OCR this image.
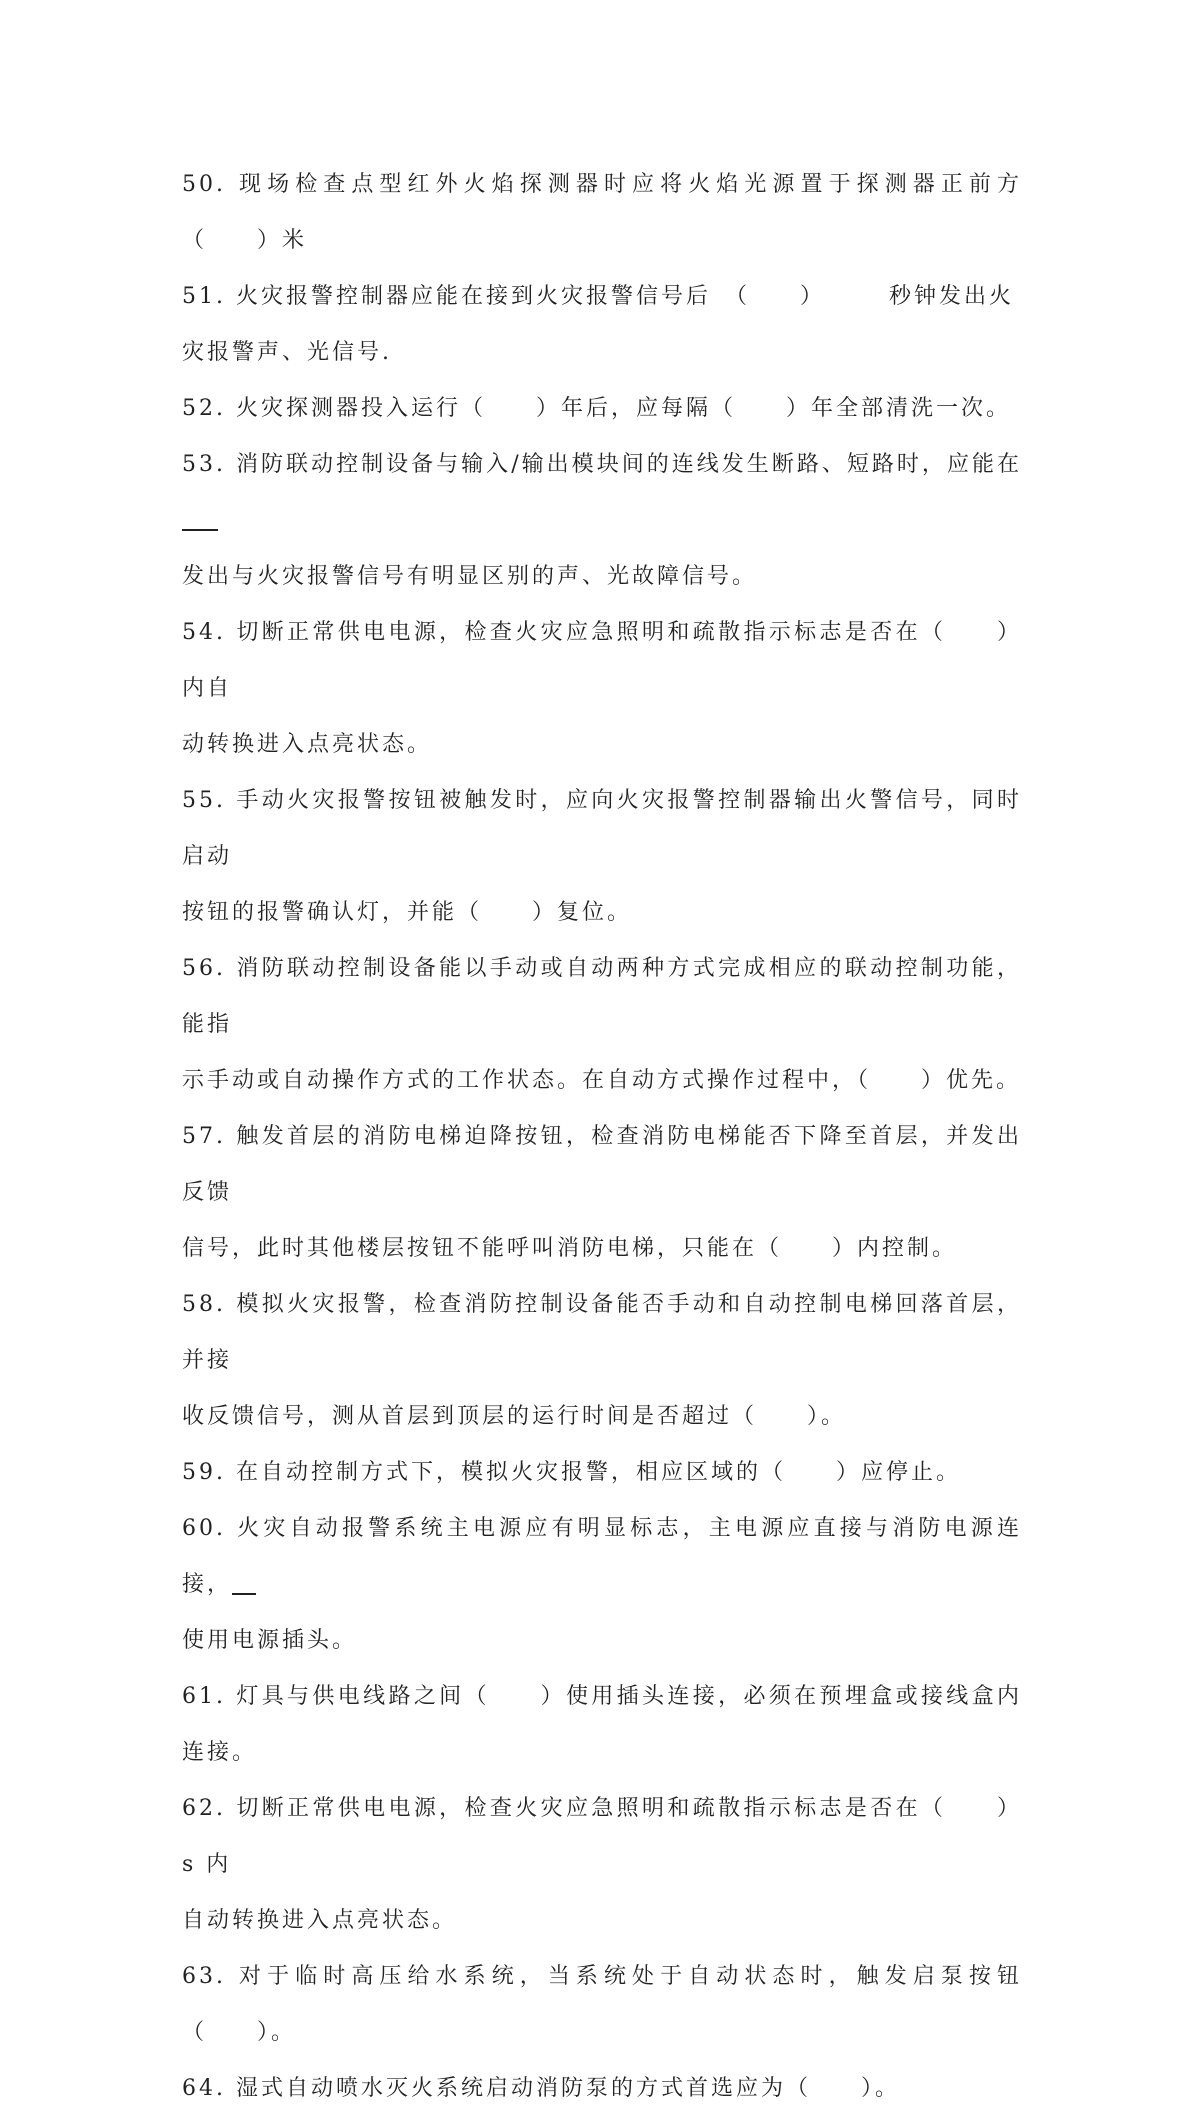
50. 现场检查点型红外火焰探测器时应将火焰光源置于探测器正前方（　　）米

51. 火灾报警控制器应能在接到火灾报警信号后　（　　）　　　秒钟发出火
灾报警声、光信号.

52. 火灾探测器投入运行（　　）年后，应每隔（　　）年全部清洗一次。

53. 消防联动控制设备与输入/输出模块间的连线发生断路、短路时，应能在
发出与火灾报警信号有明显区别的声、光故障信号。

54. 切断正常供电电源，检查火灾应急照明和疏散指示标志是否在（　　）内自
动转换进入点亮状态。

55. 手动火灾报警按钮被触发时，应向火灾报警控制器输出火警信号，同时启动
按钮的报警确认灯，并能（　　）复位。

56. 消防联动控制设备能以手动或自动两种方式完成相应的联动控制功能，能指
示手动或自动操作方式的工作状态。在自动方式操作过程中，（　　）优先。

57. 触发首层的消防电梯迫降按钮，检查消防电梯能否下降至首层，并发出反馈
信号，此时其他楼层按钮不能呼叫消防电梯，只能在（　　）内控制。

58. 模拟火灾报警，检查消防控制设备能否手动和自动控制电梯回落首层，并接
收反馈信号，测从首层到顶层的运行时间是否超过（　　）。

59. 在自动控制方式下，模拟火灾报警，相应区域的（　　）应停止。

60. 火灾自动报警系统主电源应有明显标志，主电源应直接与消防电源连接，
使用电源插头。

61. 灯具与供电线路之间（　　）使用插头连接，必须在预埋盒或接线盒内连接。

62. 切断正常供电电源，检查火灾应急照明和疏散指示标志是否在（　　）s 内
自动转换进入点亮状态。

63. 对于临时高压给水系统，当系统处于自动状态时，触发启泵按钮（　　）。

64. 湿式自动喷水灭火系统启动消防泵的方式首选应为（　　）。
